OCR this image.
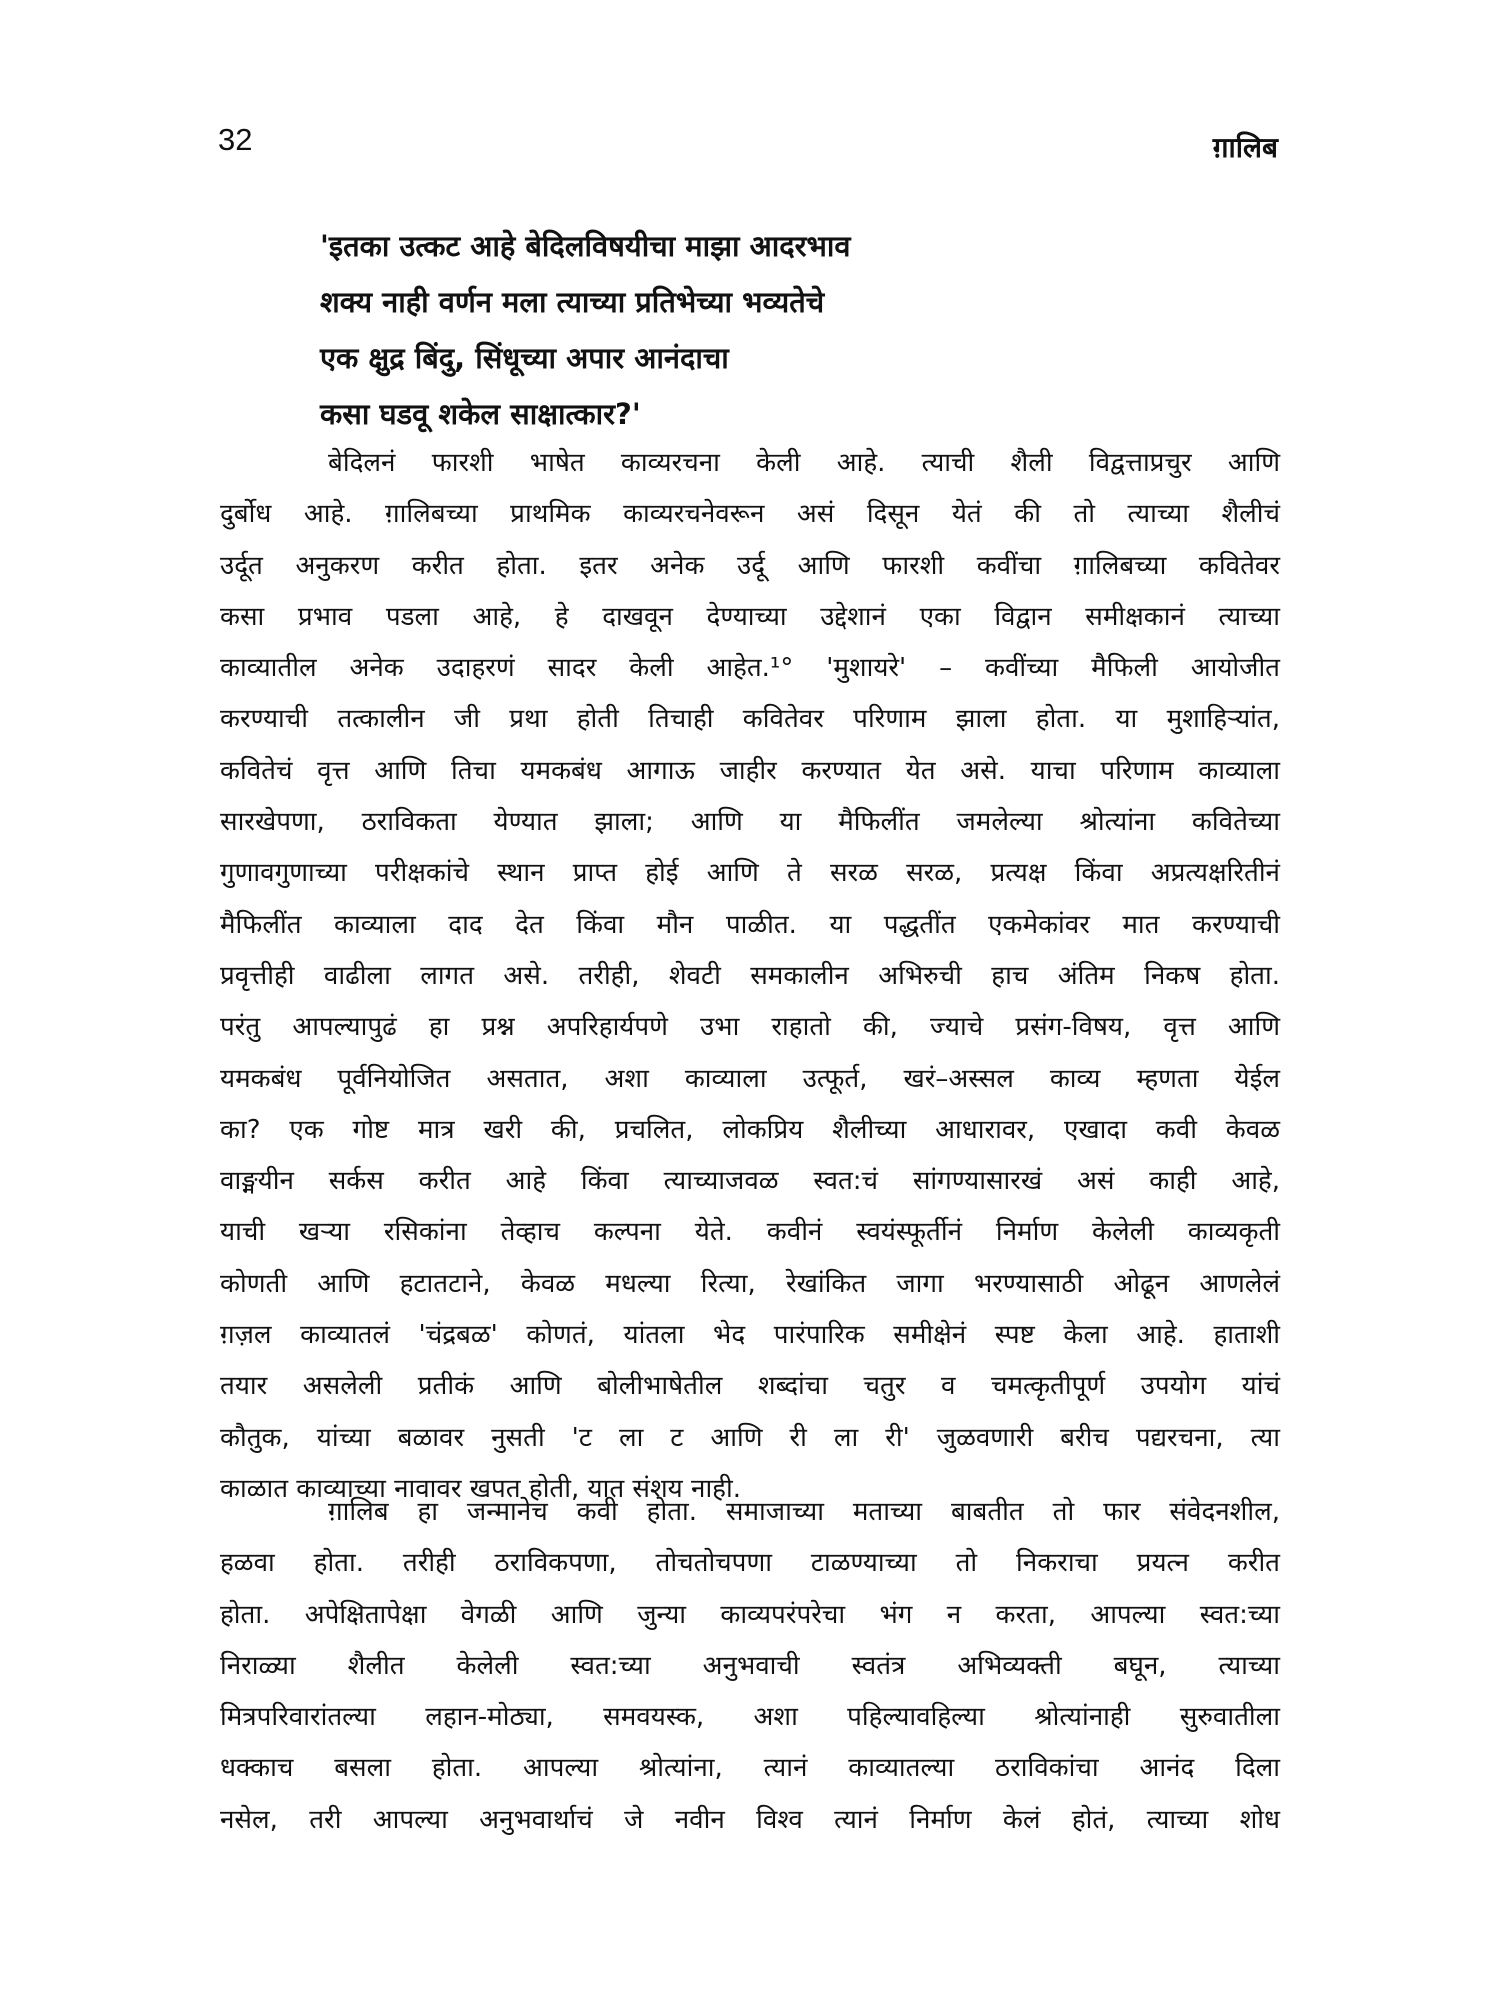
32	ग़ालिब
'इतका उत्कट आहे बेदिलविषयीचा माझा आदरभाव
शक्य नाही वर्णन मला त्याच्या प्रतिभेच्या भव्यतेचे
एक क्षुद्र बिंदु, सिंधूच्या अपार आनंदाचा
कसा घडवू शकेल साक्षात्कार?'
बेदिलनं फारशी भाषेत काव्यरचना केली आहे. त्याची शैली विद्वत्ताप्रचुर आणि
दुर्बोध आहे. ग़ालिबच्या प्राथमिक काव्यरचनेवरून असं दिसून येतं की तो त्याच्या शैलीचं
उर्दूत अनुकरण करीत होता. इतर अनेक उर्दू आणि फारशी कवींचा ग़ालिबच्या कवितेवर
कसा प्रभाव पडला आहे, हे दाखवून देण्याच्या उद्देशानं एका विद्वान समीक्षकानं त्याच्या
काव्यातील अनेक उदाहरणं सादर केली आहेत.¹° 'मुशायरे' – कवींच्या मैफिली आयोजीत
करण्याची तत्कालीन जी प्रथा होती तिचाही कवितेवर परिणाम झाला होता. या मुशाहिऱ्यांत,
कवितेचं वृत्त आणि तिचा यमकबंध आगाऊ जाहीर करण्यात येत असे. याचा परिणाम काव्याला
सारखेपणा, ठराविकता येण्यात झाला; आणि या मैफिलींत जमलेल्या श्रोत्यांना कवितेच्या
गुणावगुणाच्या परीक्षकांचे स्थान प्राप्त होई आणि ते सरळ सरळ, प्रत्यक्ष किंवा अप्रत्यक्षरितीनं
मैफिलींत काव्याला दाद देत किंवा मौन पाळीत. या पद्धतींत एकमेकांवर मात करण्याची
प्रवृत्तीही वाढीला लागत असे. तरीही, शेवटी समकालीन अभिरुची हाच अंतिम निकष होता.
परंतु आपल्यापुढं हा प्रश्न अपरिहार्यपणे उभा राहातो की, ज्याचे प्रसंग-विषय, वृत्त आणि
यमकबंध पूर्वनियोजित असतात, अशा काव्याला उत्फूर्त, खरं–अस्सल काव्य म्हणता येईल
का? एक गोष्ट मात्र खरी की, प्रचलित, लोकप्रिय शैलीच्या आधारावर, एखादा कवी केवळ
वाङ्मयीन सर्कस करीत आहे किंवा त्याच्याजवळ स्वत:चं सांगण्यासारखं असं काही आहे,
याची खऱ्या रसिकांना तेव्हाच कल्पना येते. कवीनं स्वयंस्फूर्तीनं निर्माण केलेली काव्यकृती
कोणती आणि हटातटाने, केवळ मधल्या रित्या, रेखांकित जागा भरण्यासाठी ओढून आणलेलं
ग़ज़ल काव्यातलं 'चंद्रबळ' कोणतं, यांतला भेद पारंपारिक समीक्षेनं स्पष्ट केला आहे. हाताशी
तयार असलेली प्रतीकं आणि बोलीभाषेतील शब्दांचा चतुर व चमत्कृतीपूर्ण उपयोग यांचं
कौतुक, यांच्या बळावर नुसती 'ट ला ट आणि री ला री' जुळवणारी बरीच पद्यरचना, त्या
काळात काव्याच्या नावावर खपत होती, यात संशय नाही.
ग़ालिब हा जन्मानेच कवी होता. समाजाच्या मताच्या बाबतीत तो फार संवेदनशील,
हळवा होता. तरीही ठराविकपणा, तोचतोचपणा टाळण्याच्या तो निकराचा प्रयत्न करीत
होता. अपेक्षितापेक्षा वेगळी आणि जुन्या काव्यपरंपरेचा भंग न करता, आपल्या स्वत:च्या
निराळ्या शैलीत केलेली स्वत:च्या अनुभवाची स्वतंत्र अभिव्यक्ती बघून, त्याच्या
मित्रपरिवारांतल्या लहान-मोठ्या, समवयस्क, अशा पहिल्यावहिल्या श्रोत्यांनाही सुरुवातीला
धक्काच बसला होता. आपल्या श्रोत्यांना, त्यानं काव्यातल्या ठराविकांचा आनंद दिला
नसेल, तरी आपल्या अनुभवार्थाचं जे नवीन विश्व त्यानं निर्माण केलं होतं, त्याच्या शोध
